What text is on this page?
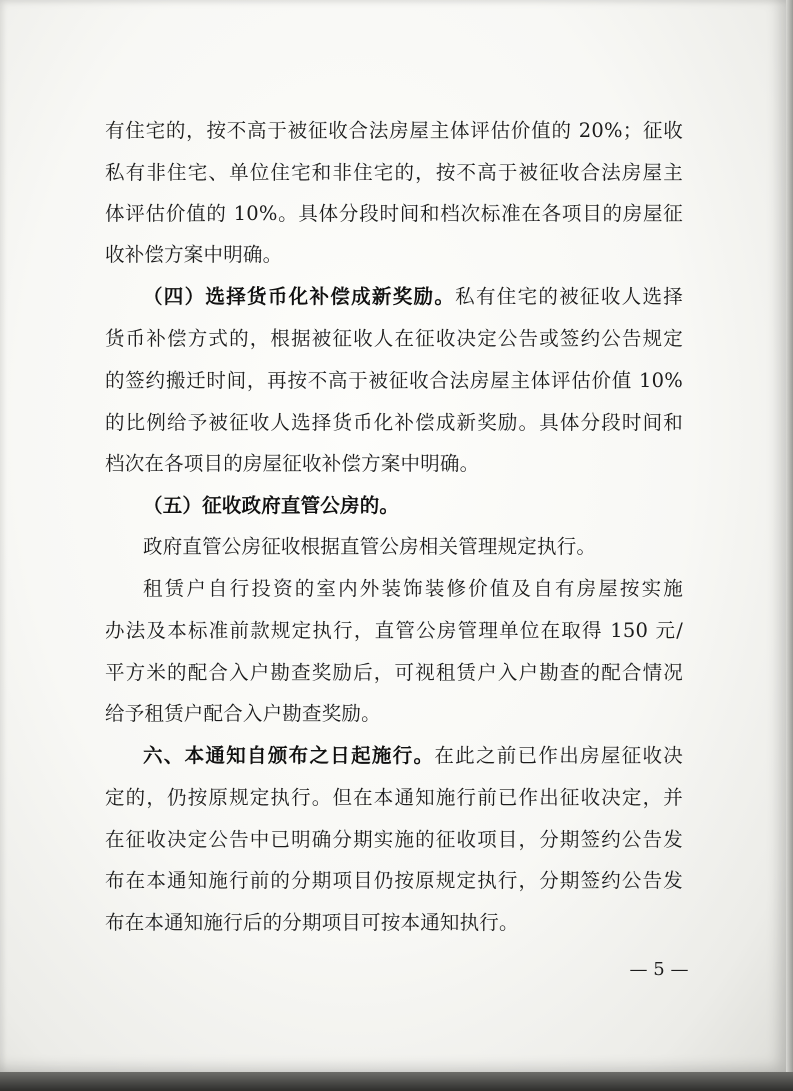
有住宅的，按不高于被征收合法房屋主体评估价值的 20%；征收
私有非住宅、单位住宅和非住宅的，按不高于被征收合法房屋主
体评估价值的 10%。具体分段时间和档次标准在各项目的房屋征
收补偿方案中明确。
（四）选择货币化补偿成新奖励。私有住宅的被征收人选择
货币补偿方式的，根据被征收人在征收决定公告或签约公告规定
的签约搬迁时间，再按不高于被征收合法房屋主体评估价值 10%
的比例给予被征收人选择货币化补偿成新奖励。具体分段时间和
档次在各项目的房屋征收补偿方案中明确。
（五）征收政府直管公房的。
政府直管公房征收根据直管公房相关管理规定执行。
租赁户自行投资的室内外装饰装修价值及自有房屋按实施
办法及本标准前款规定执行，直管公房管理单位在取得 150 元/
平方米的配合入户勘查奖励后，可视租赁户入户勘查的配合情况
给予租赁户配合入户勘查奖励。
六、本通知自颁布之日起施行。在此之前已作出房屋征收决
定的，仍按原规定执行。但在本通知施行前已作出征收决定，并
在征收决定公告中已明确分期实施的征收项目，分期签约公告发
布在本通知施行前的分期项目仍按原规定执行，分期签约公告发
布在本通知施行后的分期项目可按本通知执行。
— 5 —
